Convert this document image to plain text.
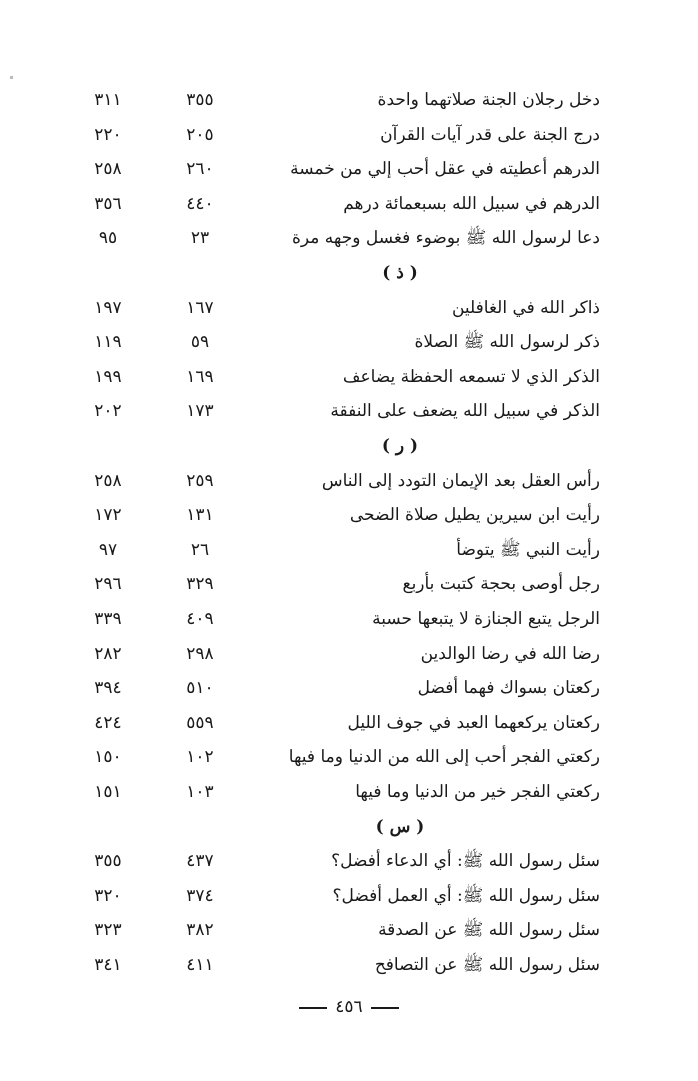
دخل رجلان الجنة صلاتهما واحدة
٣٥٥
٣١١
درج الجنة على قدر آيات القرآن
٢٠٥
٢٢٠
الدرهم أعطيته في عقل أحب إلي من خمسة
٢٦٠
٢٥٨
الدرهم في سبيل الله بسبعمائة درهم
٤٤٠
٣٥٦
دعا لرسول الله ﷺ بوضوء فغسل وجهه مرة
٢٣
٩٥
( ذ )
ذاكر الله في الغافلين
١٦٧
١٩٧
ذكر لرسول الله ﷺ الصلاة
٥٩
١١٩
الذكر الذي لا تسمعه الحفظة يضاعف
١٦٩
١٩٩
الذكر في سبيل الله يضعف على النفقة
١٧٣
٢٠٢
( ر )
رأس العقل بعد الإيمان التودد إلى الناس
٢٥٩
٢٥٨
رأيت ابن سيرين يطيل صلاة الضحى
١٣١
١٧٢
رأيت النبي ﷺ يتوضأ
٢٦
٩٧
رجل أوصى بحجة كتبت بأربع
٣٢٩
٢٩٦
الرجل يتبع الجنازة لا يتبعها حسبة
٤٠٩
٣٣٩
رضا الله في رضا الوالدين
٢٩٨
٢٨٢
ركعتان بسواك فهما أفضل
٥١٠
٣٩٤
ركعتان يركعهما العبد في جوف الليل
٥٥٩
٤٢٤
ركعتي الفجر أحب إلى الله من الدنيا وما فيها
١٠٢
١٥٠
ركعتي الفجر خير من الدنيا وما فيها
١٠٣
١٥١
( س )
سئل رسول الله ﷺ: أي الدعاء أفضل؟
٤٣٧
٣٥٥
سئل رسول الله ﷺ: أي العمل أفضل؟
٣٧٤
٣٢٠
سئل رسول الله ﷺ عن الصدقة
٣٨٢
٣٢٣
سئل رسول الله ﷺ عن التصافح
٤١١
٣٤١
٤٥٦
